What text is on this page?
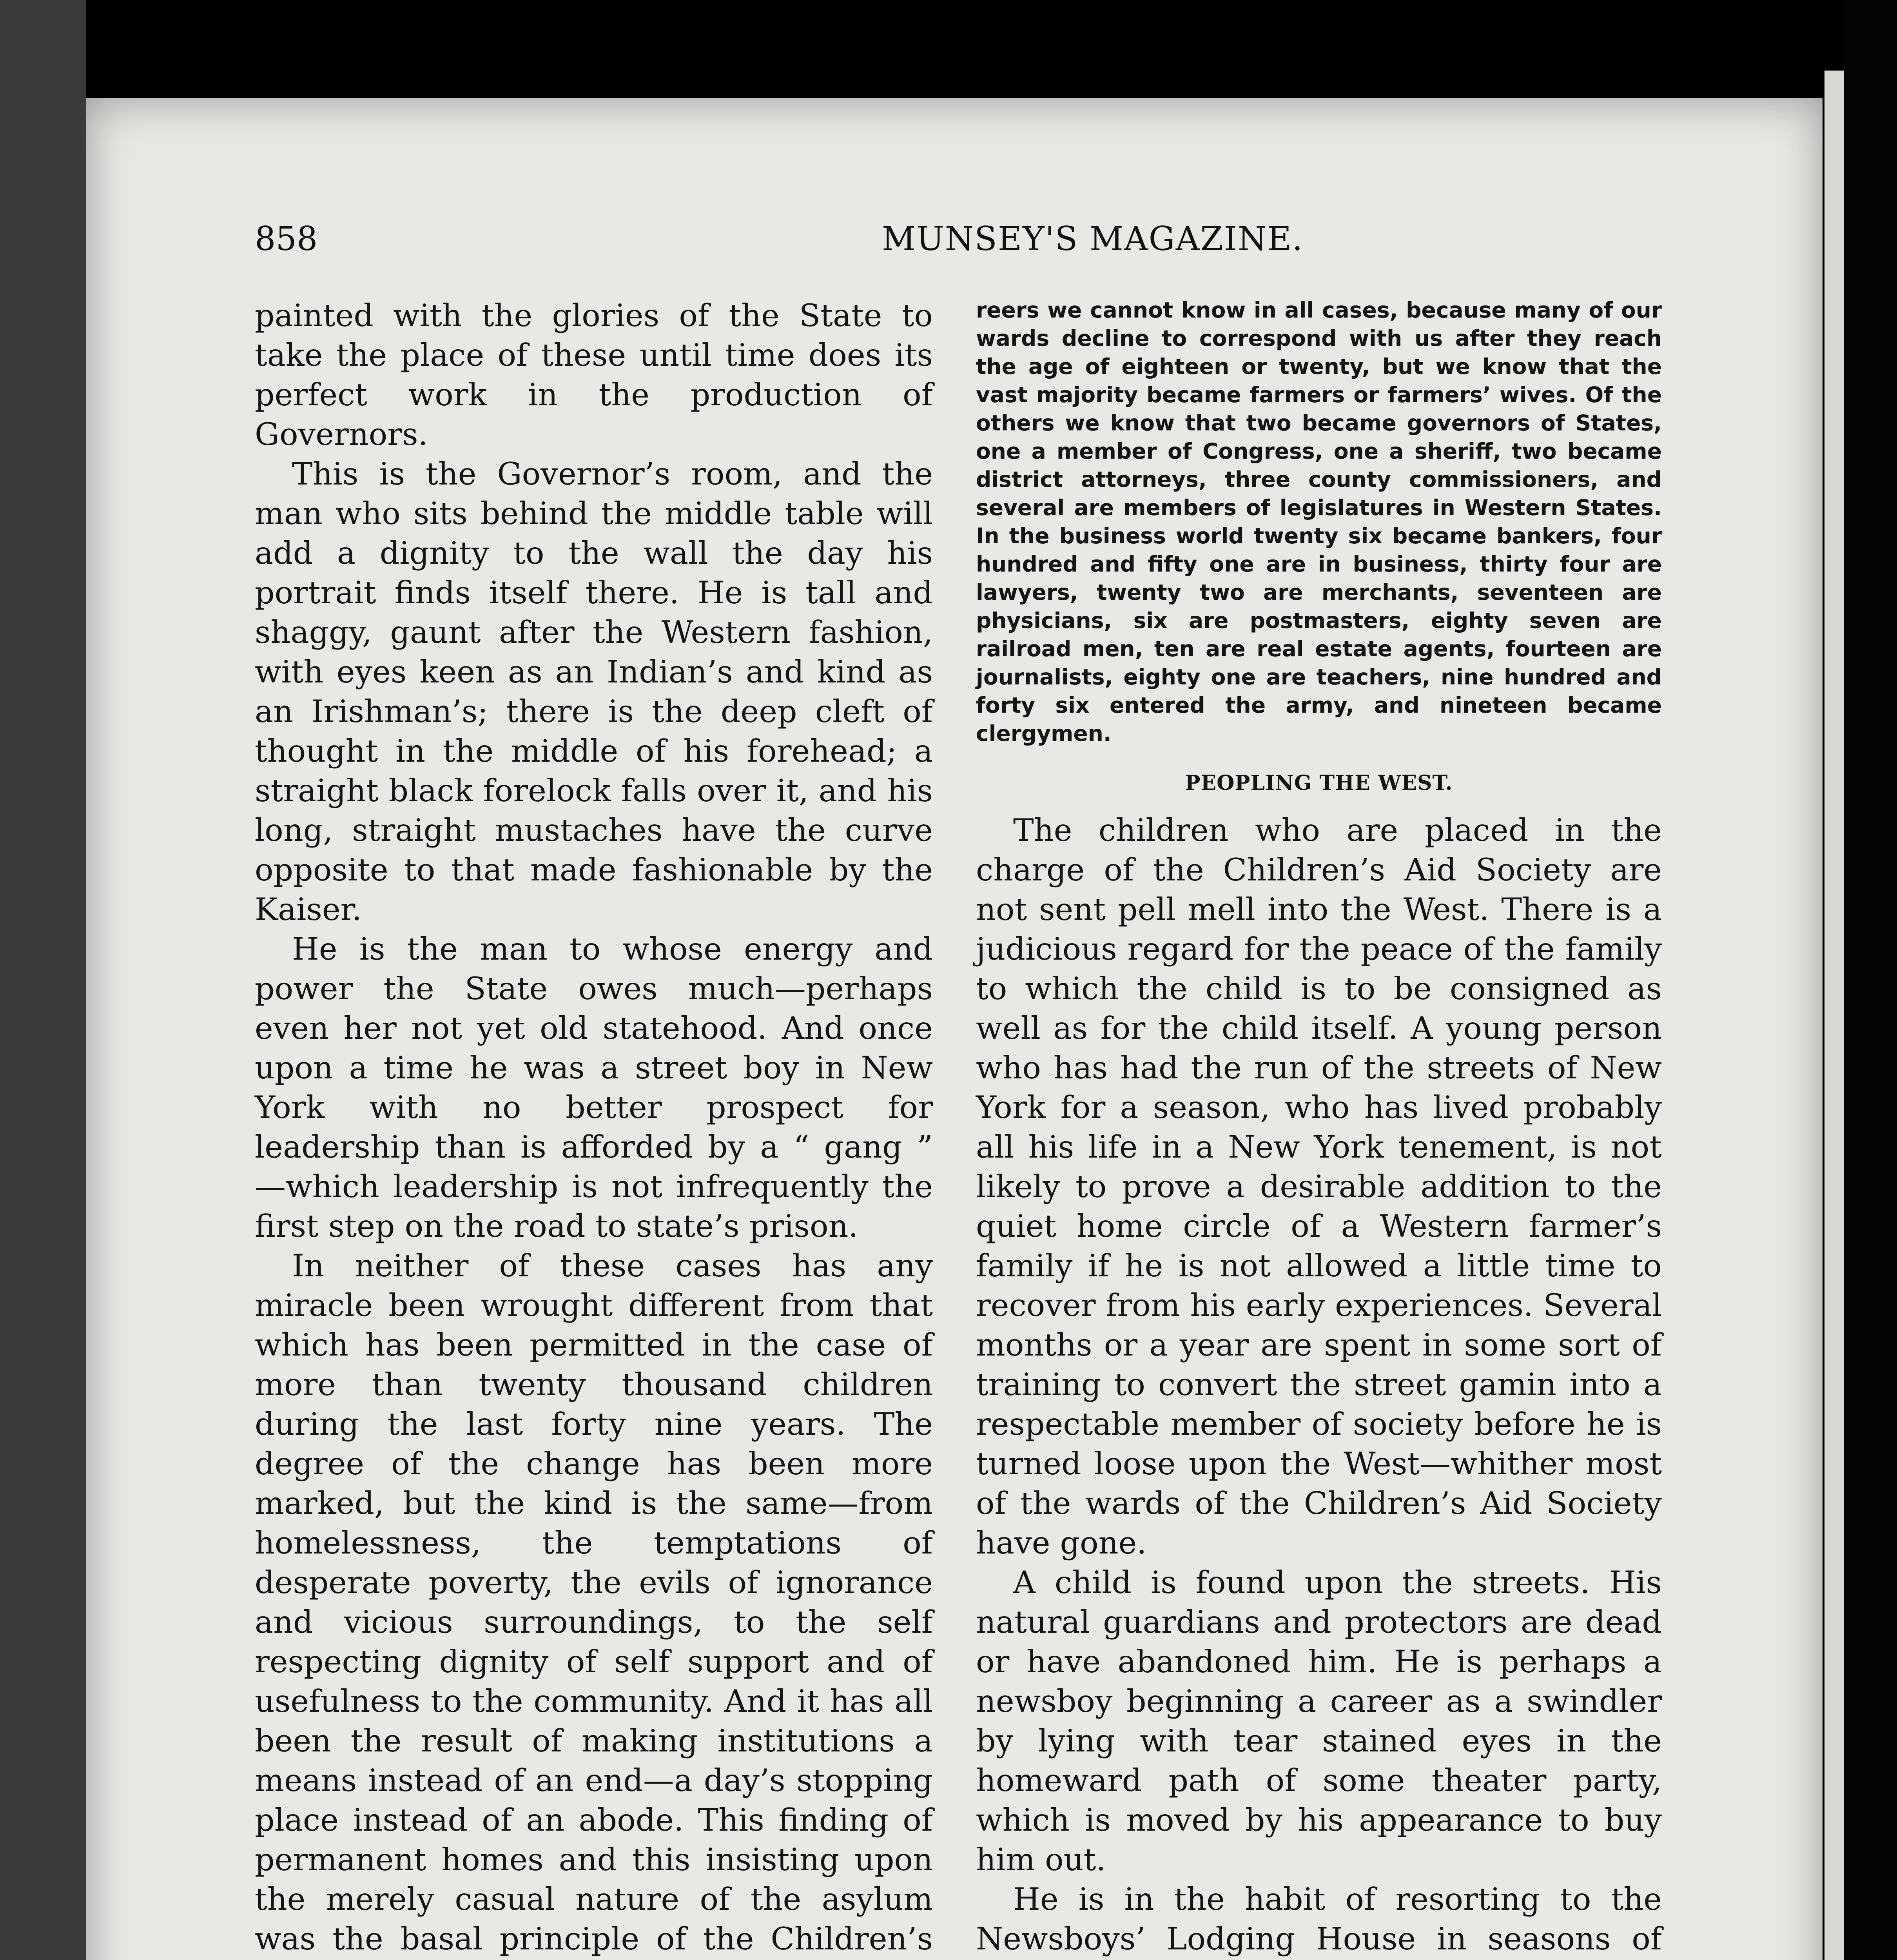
858	MUNSEY'S MAGAZINE.

painted with the glories of the State to take the place of these until time does its perfect work in the production of Governors.

This is the Governor’s room, and the man who sits behind the middle table will add a dignity to the wall the day his portrait finds itself there. He is tall and shaggy, gaunt after the Western fashion, with eyes keen as an Indian’s and kind as an Irishman’s; there is the deep cleft of thought in the middle of his forehead; a straight black forelock falls over it, and his long, straight mustaches have the curve opposite to that made fashionable by the Kaiser.

He is the man to whose energy and power the State owes much—perhaps even her not yet old statehood. And once upon a time he was a street boy in New York with no better prospect for leadership than is afforded by a “ gang ” —which leadership is not infrequently the first step on the road to state’s prison.

In neither of these cases has any miracle been wrought different from that which has been permitted in the case of more than twenty thousand children during the last forty nine years. The degree of the change has been more marked, but the kind is the same—from homelessness, the temptations of desperate poverty, the evils of ignorance and vicious surroundings, to the self respecting dignity of self support and of usefulness to the community. And it has all been the result of making institutions a means instead of an end—a day’s stopping place instead of an abode. This finding of permanent homes and this insisting upon the merely casual nature of the asylum was the basal principle of the Children’s

reers we cannot know in all cases, because many of our wards decline to correspond with us after they reach the age of eighteen or twenty, but we know that the vast majority became farmers or farmers’ wives. Of the others we know that two became governors of States, one a member of Congress, one a sheriff, two became district attorneys, three county commissioners, and several are members of legislatures in Western States. In the business world twenty six became bankers, four hundred and fifty one are in business, thirty four are lawyers, twenty two are merchants, seventeen are physicians, six are postmasters, eighty seven are railroad men, ten are real estate agents, fourteen are journalists, eighty one are teachers, nine hundred and forty six entered the army, and nineteen became clergymen.

PEOPLING THE WEST.

The children who are placed in the charge of the Children’s Aid Society are not sent pell mell into the West. There is a judicious regard for the peace of the family to which the child is to be consigned as well as for the child itself. A young person who has had the run of the streets of New York for a season, who has lived probably all his life in a New York tenement, is not likely to prove a desirable addition to the quiet home circle of a Western farmer’s family if he is not allowed a little time to recover from his early experiences. Several months or a year are spent in some sort of training to convert the street gamin into a respectable member of society before he is turned loose upon the West—whither most of the wards of the Children’s Aid Society have gone.

A child is found upon the streets. His natural guardians and protectors are dead or have abandoned him. He is perhaps a newsboy beginning a career as a swindler by lying with tear stained eyes in the homeward path of some theater party, which is moved by his appearance to buy him out.

He is in the habit of resorting to the Newsboys’ Lodging House in seasons of
